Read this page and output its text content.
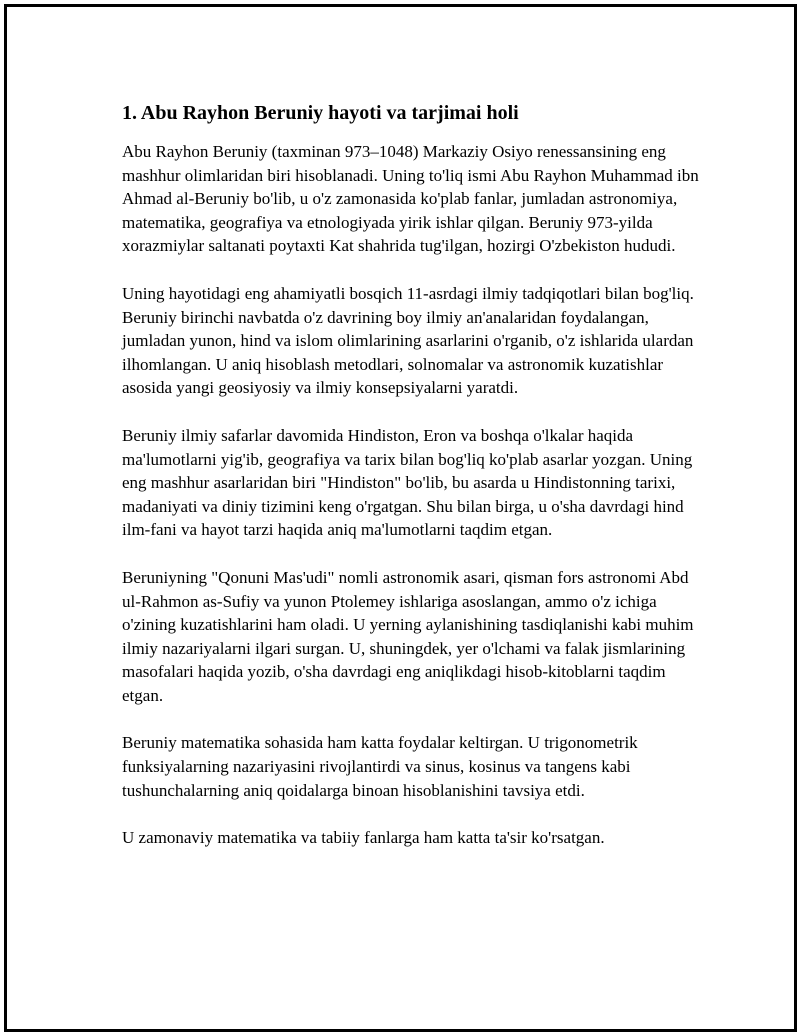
1. Abu Rayhon Beruniy hayoti va tarjimai holi

Abu Rayhon Beruniy (taxminan 973–1048) Markaziy Osiyo renessansining eng mashhur olimlaridan biri hisoblanadi. Uning to'liq ismi Abu Rayhon Muhammad ibn Ahmad al-Beruniy bo'lib, u o'z zamonasida ko'plab fanlar, jumladan astronomiya, matematika, geografiya va etnologiyada yirik ishlar qilgan. Beruniy 973-yilda xorazmiylar saltanati poytaxti Kat shahrida tug'ilgan, hozirgi O'zbekiston hududi.

Uning hayotidagi eng ahamiyatli bosqich 11-asrdagi ilmiy tadqiqotlari bilan bog'liq. Beruniy birinchi navbatda o'z davrining boy ilmiy an'analaridan foydalangan, jumladan yunon, hind va islom olimlarining asarlarini o'rganib, o'z ishlarida ulardan ilhomlangan. U aniq hisoblash metodlari, solnomalar va astronomik kuzatishlar asosida yangi geosiyosiy va ilmiy konsepsiyalarni yaratdi.

Beruniy ilmiy safarlar davomida Hindiston, Eron va boshqa o'lkalar haqida ma'lumotlarni yig'ib, geografiya va tarix bilan bog'liq ko'plab asarlar yozgan. Uning eng mashhur asarlaridan biri "Hindiston" bo'lib, bu asarda u Hindistonning tarixi, madaniyati va diniy tizimini keng o'rgatgan. Shu bilan birga, u o'sha davrdagi hind ilm-fani va hayot tarzi haqida aniq ma'lumotlarni taqdim etgan.

Beruniyning "Qonuni Mas'udi" nomli astronomik asari, qisman fors astronomi Abd ul-Rahmon as-Sufiy va yunon Ptolemey ishlariga asoslangan, ammo o'z ichiga o'zining kuzatishlarini ham oladi. U yerning aylanishining tasdiqlanishi kabi muhim ilmiy nazariyalarni ilgari surgan. U, shuningdek, yer o'lchami va falak jismlarining masofalari haqida yozib, o'sha davrdagi eng aniqlikdagi hisob-kitoblarni taqdim etgan.

Beruniy matematika sohasida ham katta foydalar keltirgan. U trigonometrik funksiyalarning nazariyasini rivojlantirdi va sinus, kosinus va tangens kabi tushunchalarning aniq qoidalarga binoan hisoblanishini tavsiya etdi.

U zamonaviy matematika va tabiiy fanlarga ham katta ta'sir ko'rsatgan.
